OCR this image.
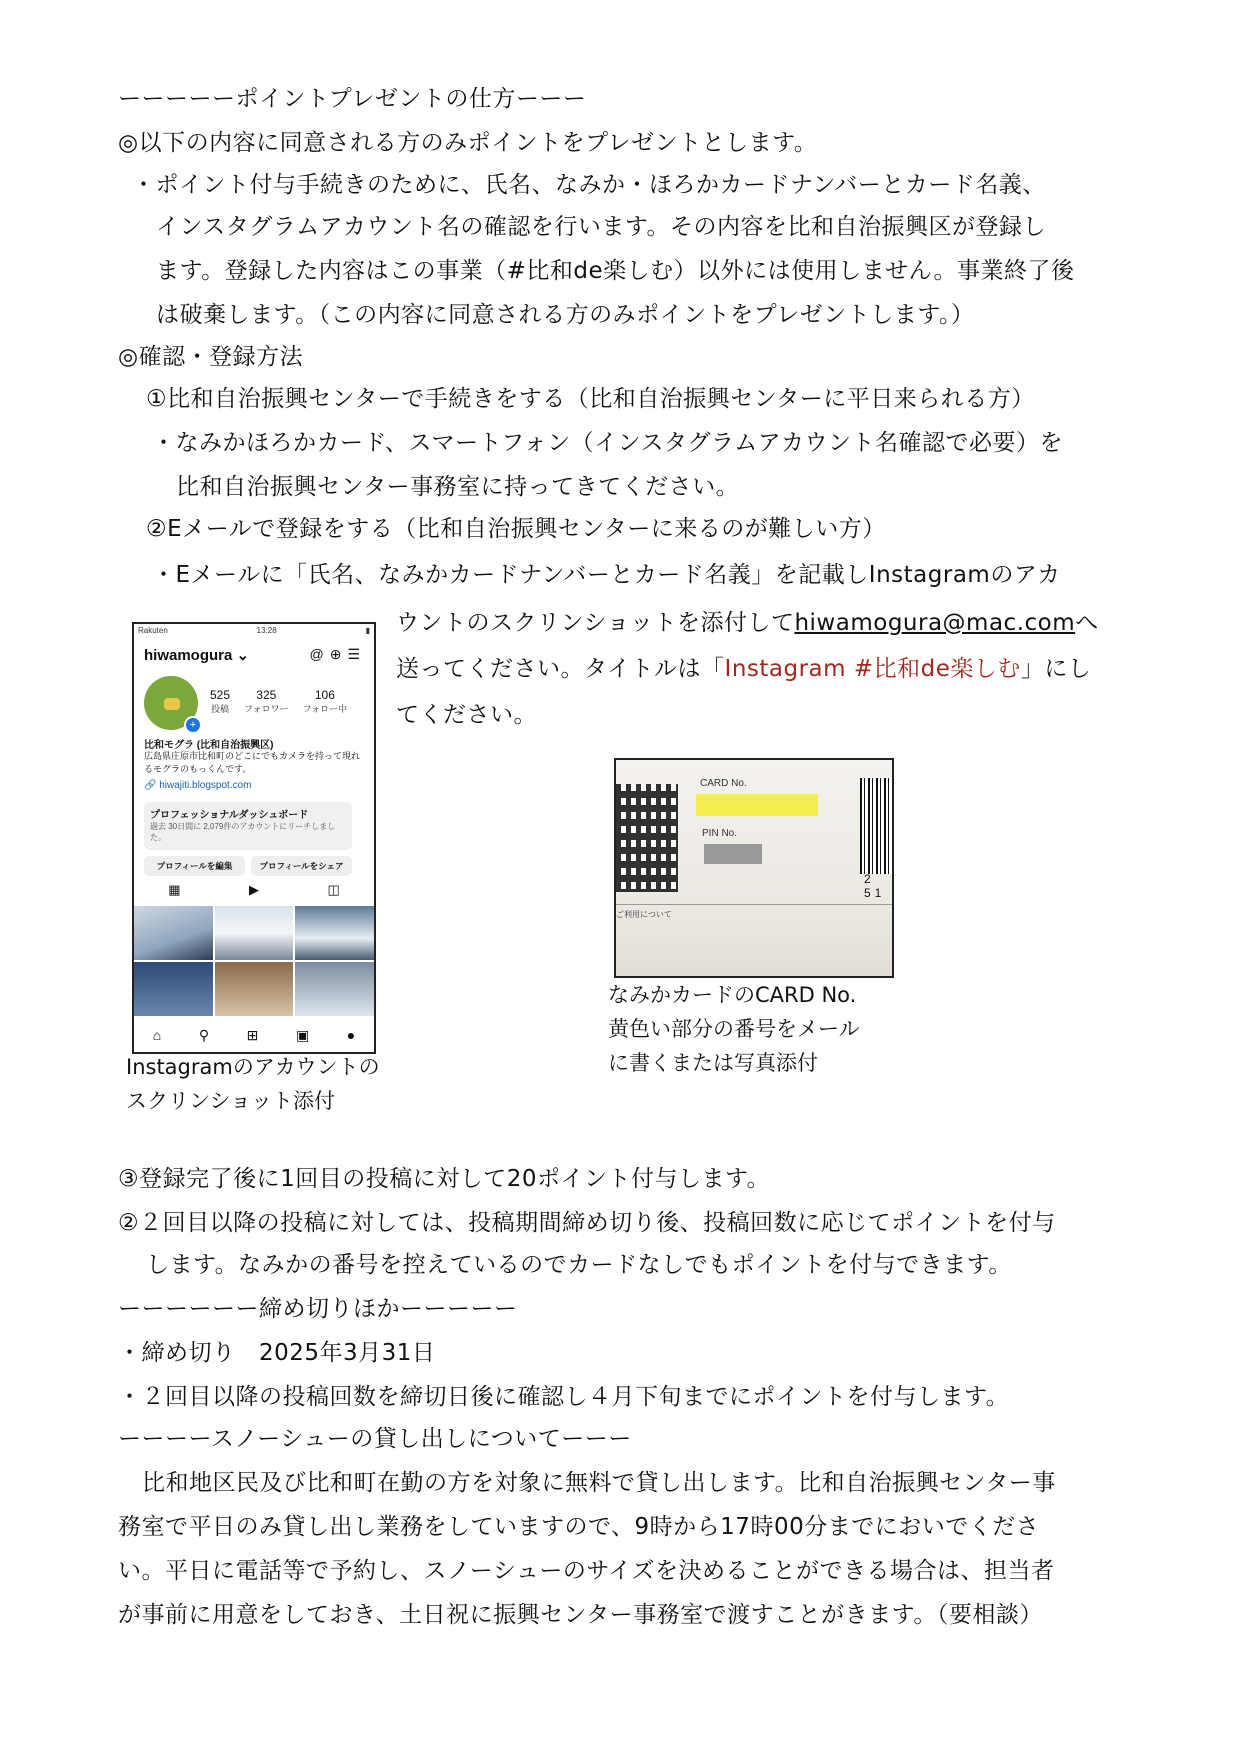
ーーーーーポイントプレゼントの仕方ーーー
◎以下の内容に同意される方のみポイントをプレゼントとします。
・ポイント付与手続きのために、氏名、なみか・ほろかカードナンバーとカード名義、
インスタグラムアカウント名の確認を行います。その内容を比和自治振興区が登録し
ます。登録した内容はこの事業（#比和de楽しむ）以外には使用しません。事業終了後
は破棄します。（この内容に同意される方のみポイントをプレゼントします。）
◎確認・登録方法
①比和自治振興センターで手続きをする（比和自治振興センターに平日来られる方）
・なみかほろかカード、スマートフォン（インスタグラムアカウント名確認で必要）を
比和自治振興センター事務室に持ってきてください。
②Eメールで登録をする（比和自治振興センターに来るのが難しい方）
・Eメールに「氏名、なみかカードナンバーとカード名義」を記載しInstagramのアカ
ウントのスクリンショットを添付してhiwamogura@mac.comへ
送ってください。タイトルは「Instagram #比和de楽しむ」にし
てください。
Rakuten	13:28	▮
hiwamogura ⌄	@⊕☰
+
525
投稿
325
フォロワー
106
フォロー中
比和モグラ (比和自治振興区)
広島県庄原市比和町のどこにでもカメラを持って現れるモグラのもっくんです。
🔗 hiwajiti.blogspot.com
プロフェッショナルダッシュボード
過去 30日間に 2,079件のアカウントにリーチしました。
プロフィールを編集	プロフィールをシェア
▦	▶	◫
⌂	⚲	⊞	▣	●
Instagramのアカウントの
スクリンショット添付
CARD No.
PIN No.
2 51
ご利用について
なみかカードのCARD No.
黄色い部分の番号をメール
に書くまたは写真添付
③登録完了後に1回目の投稿に対して20ポイント付与します。
②２回目以降の投稿に対しては、投稿期間締め切り後、投稿回数に応じてポイントを付与
します。なみかの番号を控えているのでカードなしでもポイントを付与できます。
ーーーーーー締め切りほかーーーーー
・締め切り　2025年3月31日
・２回目以降の投稿回数を締切日後に確認し４月下旬までにポイントを付与します。
ーーーースノーシューの貸し出しについてーーー
比和地区民及び比和町在勤の方を対象に無料で貸し出します。比和自治振興センター事
務室で平日のみ貸し出し業務をしていますので、9時から17時00分までにおいでくださ
い。平日に電話等で予約し、スノーシューのサイズを決めることができる場合は、担当者
が事前に用意をしておき、土日祝に振興センター事務室で渡すことがきます。（要相談）
